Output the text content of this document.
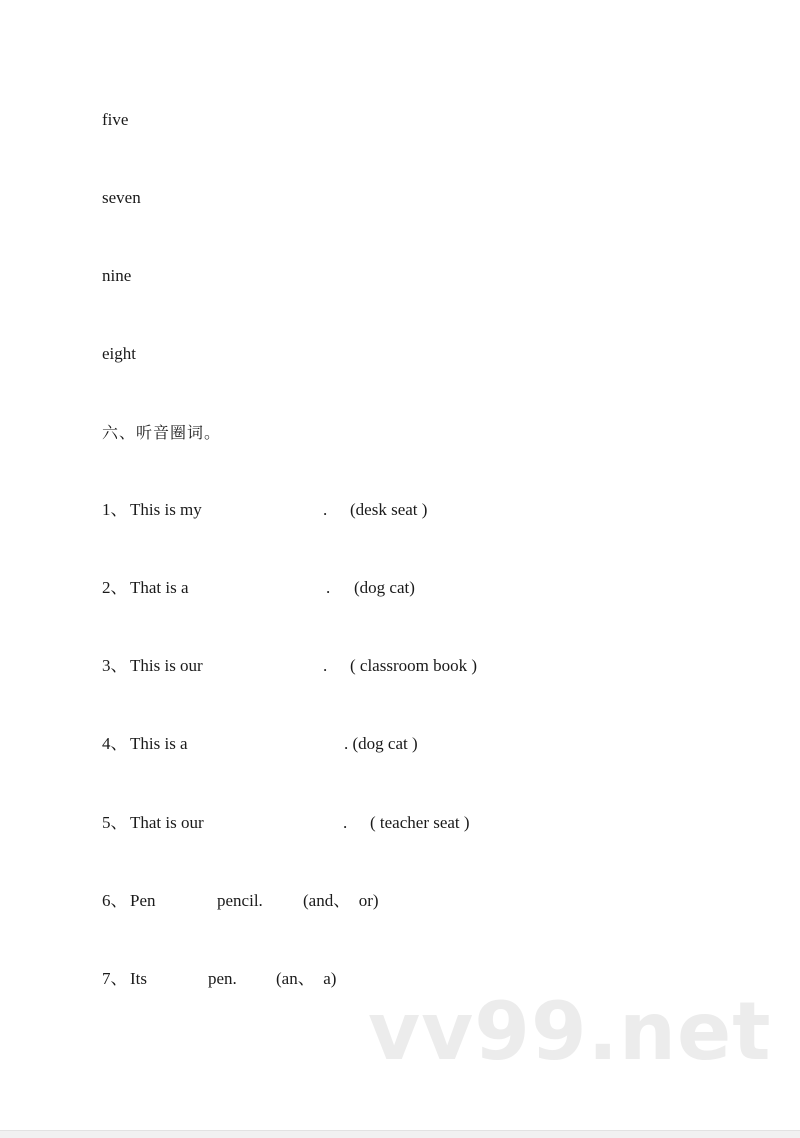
five
seven
nine
eight
六、听音圈词。
1、 This is my	. (desk seat )
2、 That is a	. (dog cat)
3、 This is our	. ( classroom book )
4、 This is a	. (dog cat )
5、 That is our	. ( teacher seat )
6、 Pen	pencil. (and、  or)
7、 Its	pen. (an、  a)
vv99.net
